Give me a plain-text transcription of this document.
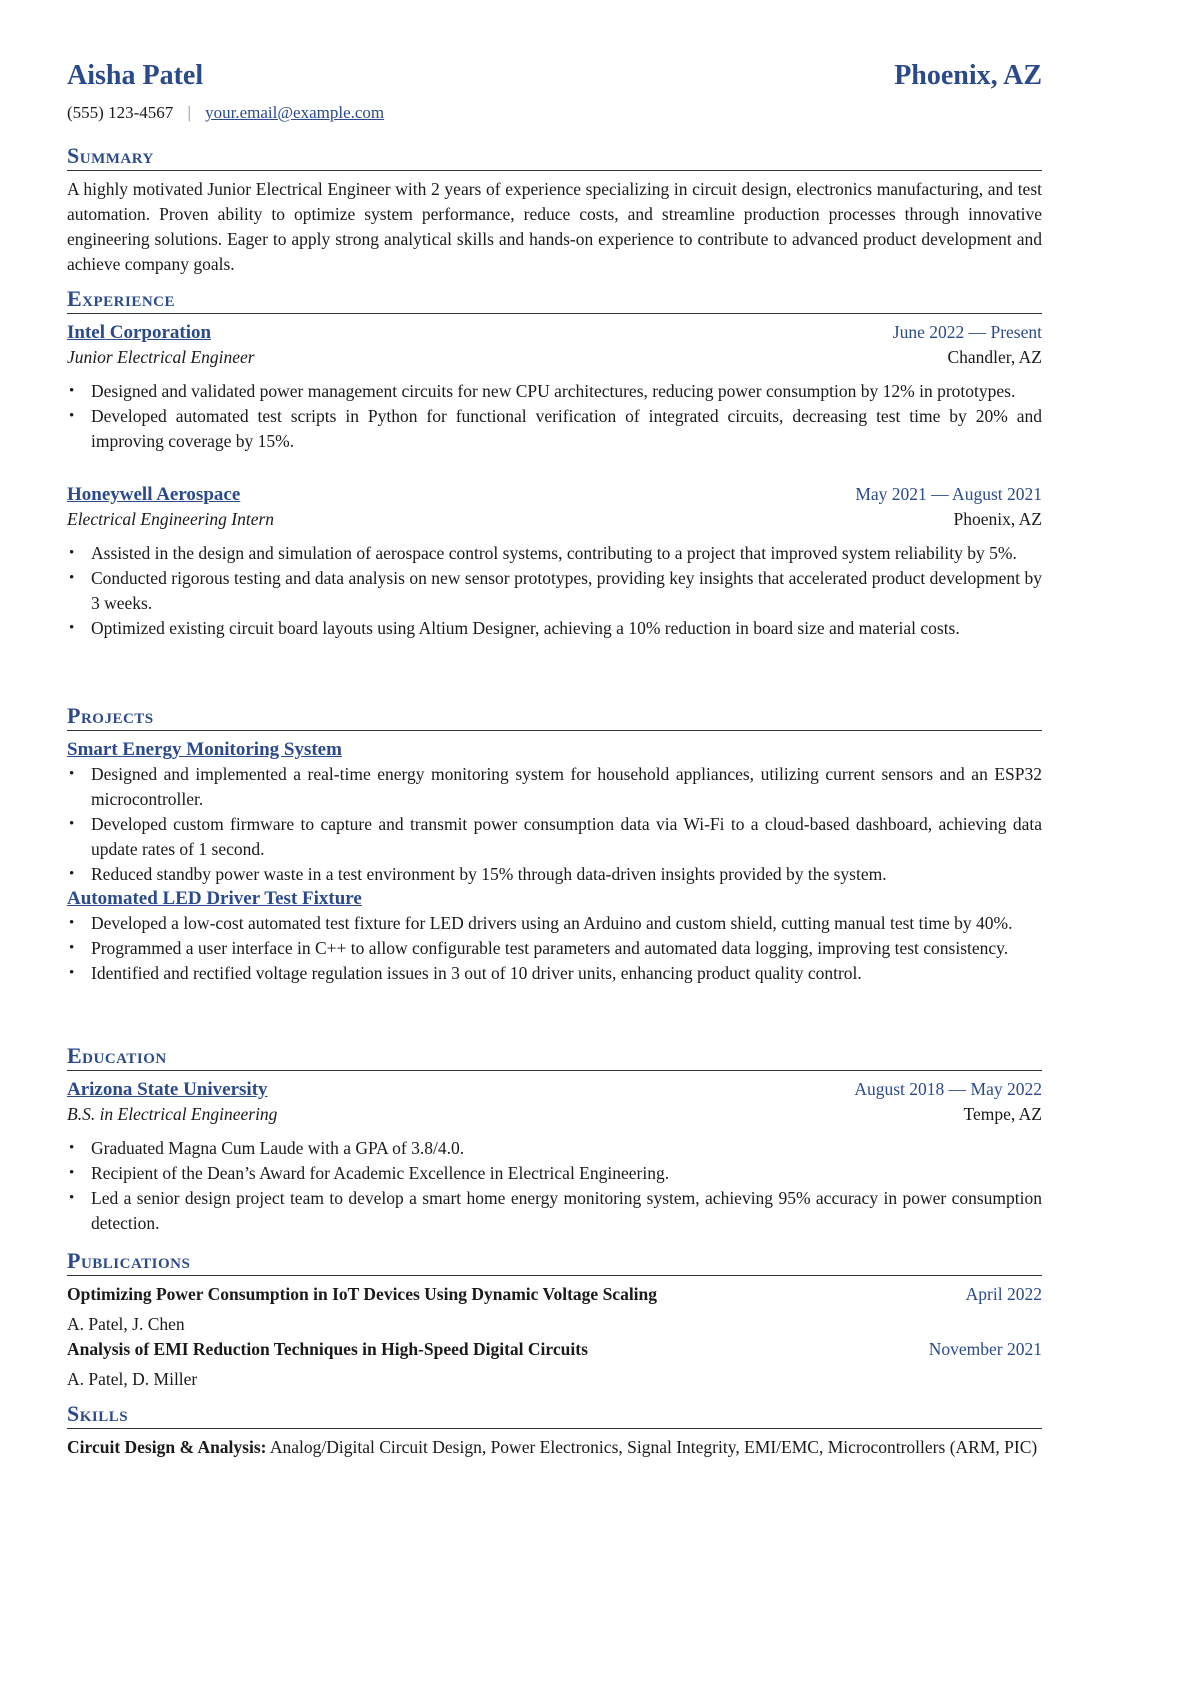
Aisha Patel	Phoenix, AZ
(555) 123-4567 | your.email@example.com
Summary
A highly motivated Junior Electrical Engineer with 2 years of experience specializing in circuit design, electronics manufacturing, and test automation. Proven ability to optimize system performance, reduce costs, and streamline production processes through innovative engineering solutions. Eager to apply strong analytical skills and hands-on experience to contribute to advanced product development and achieve company goals.
Experience
Intel Corporation	June 2022 — Present
Junior Electrical Engineer	Chandler, AZ
• Designed and validated power management circuits for new CPU architectures, reducing power consumption by 12% in prototypes.
• Developed automated test scripts in Python for functional verification of integrated circuits, decreasing test time by 20% and improving coverage by 15%.
Honeywell Aerospace	May 2021 — August 2021
Electrical Engineering Intern	Phoenix, AZ
• Assisted in the design and simulation of aerospace control systems, contributing to a project that improved system reliability by 5%.
• Conducted rigorous testing and data analysis on new sensor prototypes, providing key insights that accelerated product development by 3 weeks.
• Optimized existing circuit board layouts using Altium Designer, achieving a 10% reduction in board size and material costs.
Projects
Smart Energy Monitoring System
• Designed and implemented a real-time energy monitoring system for household appliances, utilizing current sensors and an ESP32 microcontroller.
• Developed custom firmware to capture and transmit power consumption data via Wi-Fi to a cloud-based dashboard, achieving data update rates of 1 second.
• Reduced standby power waste in a test environment by 15% through data-driven insights provided by the system.
Automated LED Driver Test Fixture
• Developed a low-cost automated test fixture for LED drivers using an Arduino and custom shield, cutting manual test time by 40%.
• Programmed a user interface in C++ to allow configurable test parameters and automated data logging, improving test consistency.
• Identified and rectified voltage regulation issues in 3 out of 10 driver units, enhancing product quality control.
Education
Arizona State University	August 2018 — May 2022
B.S. in Electrical Engineering	Tempe, AZ
• Graduated Magna Cum Laude with a GPA of 3.8/4.0.
• Recipient of the Dean’s Award for Academic Excellence in Electrical Engineering.
• Led a senior design project team to develop a smart home energy monitoring system, achieving 95% accuracy in power consumption detection.
Publications
Optimizing Power Consumption in IoT Devices Using Dynamic Voltage Scaling	April 2022
A. Patel, J. Chen
Analysis of EMI Reduction Techniques in High-Speed Digital Circuits	November 2021
A. Patel, D. Miller
Skills
Circuit Design & Analysis: Analog/Digital Circuit Design, Power Electronics, Signal Integrity, EMI/EMC, Microcontrollers (ARM, PIC)
